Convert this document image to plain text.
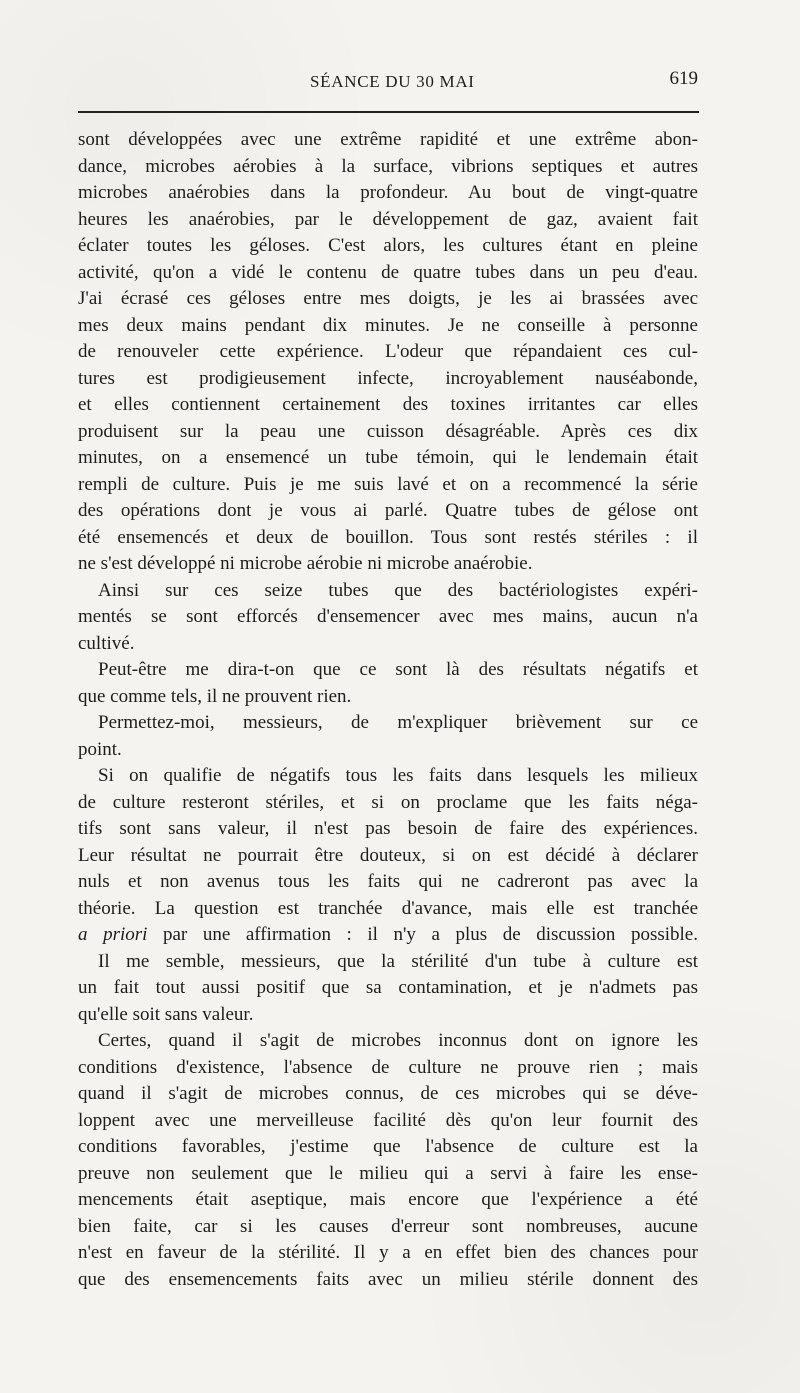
SÉANCE DU 30 MAI	619
sont développées avec une extrême rapidité et une extrême abon-
dance, microbes aérobies à la surface, vibrions septiques et autres
microbes anaérobies dans la profondeur. Au bout de vingt-quatre
heures les anaérobies, par le développement de gaz, avaient fait
éclater toutes les géloses. C'est alors, les cultures étant en pleine
activité, qu'on a vidé le contenu de quatre tubes dans un peu d'eau.
J'ai écrasé ces géloses entre mes doigts, je les ai brassées avec
mes deux mains pendant dix minutes. Je ne conseille à personne
de renouveler cette expérience. L'odeur que répandaient ces cul-
tures est prodigieusement infecte, incroyablement nauséabonde,
et elles contiennent certainement des toxines irritantes car elles
produisent sur la peau une cuisson désagréable. Après ces dix
minutes, on a ensemencé un tube témoin, qui le lendemain était
rempli de culture. Puis je me suis lavé et on a recommencé la série
des opérations dont je vous ai parlé. Quatre tubes de gélose ont
été ensemencés et deux de bouillon. Tous sont restés stériles : il
ne s'est développé ni microbe aérobie ni microbe anaérobie.
Ainsi sur ces seize tubes que des bactériologistes expéri-
mentés se sont efforcés d'ensemencer avec mes mains, aucun n'a
cultivé.
Peut-être me dira-t-on que ce sont là des résultats négatifs et
que comme tels, il ne prouvent rien.
Permettez-moi, messieurs, de m'expliquer brièvement sur ce
point.
Si on qualifie de négatifs tous les faits dans lesquels les milieux
de culture resteront stériles, et si on proclame que les faits néga-
tifs sont sans valeur, il n'est pas besoin de faire des expériences.
Leur résultat ne pourrait être douteux, si on est décidé à déclarer
nuls et non avenus tous les faits qui ne cadreront pas avec la
théorie. La question est tranchée d'avance, mais elle est tranchée
a priori par une affirmation : il n'y a plus de discussion possible.
Il me semble, messieurs, que la stérilité d'un tube à culture est
un fait tout aussi positif que sa contamination, et je n'admets pas
qu'elle soit sans valeur.
Certes, quand il s'agit de microbes inconnus dont on ignore les
conditions d'existence, l'absence de culture ne prouve rien ; mais
quand il s'agit de microbes connus, de ces microbes qui se déve-
loppent avec une merveilleuse facilité dès qu'on leur fournit des
conditions favorables, j'estime que l'absence de culture est la
preuve non seulement que le milieu qui a servi à faire les ense-
mencements était aseptique, mais encore que l'expérience a été
bien faite, car si les causes d'erreur sont nombreuses, aucune
n'est en faveur de la stérilité. Il y a en effet bien des chances pour
que des ensemencements faits avec un milieu stérile donnent des
